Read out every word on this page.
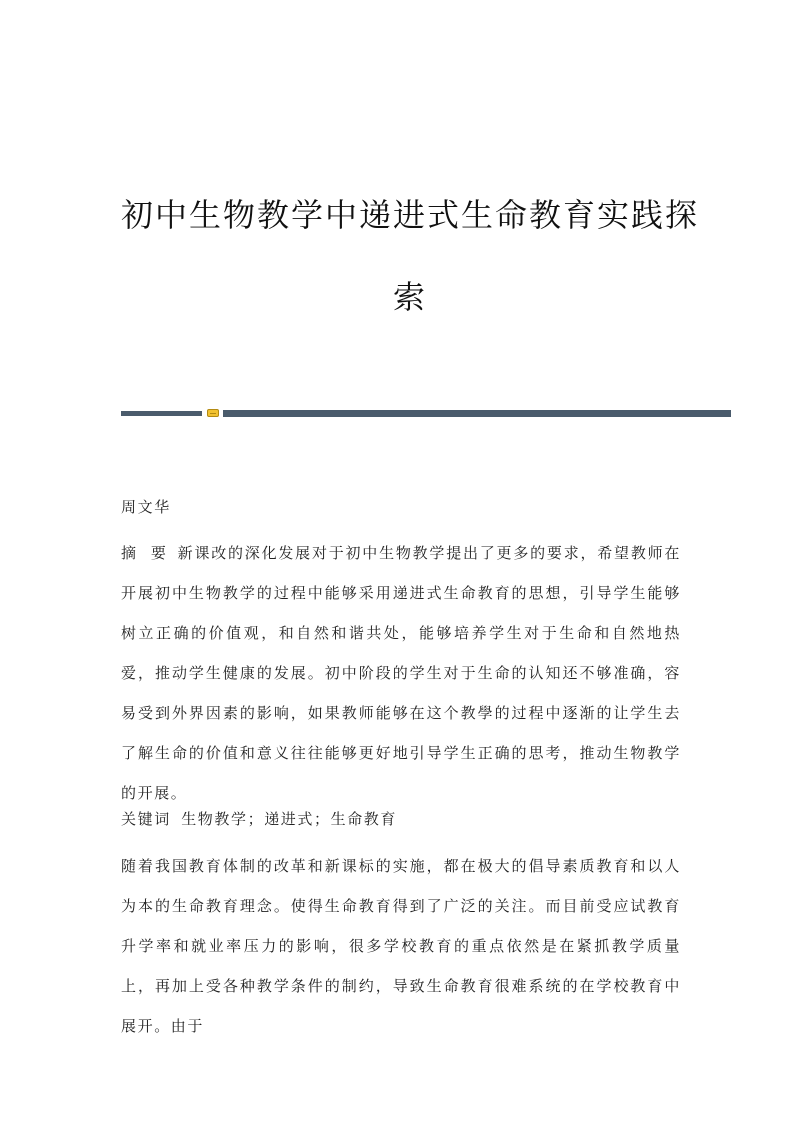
初中生物教学中递进式生命教育实践探
索

周文华

摘  要 新课改的深化发展对于初中生物教学提出了更多的要求，希望教师在开展初中生物教学的过程中能够采用递进式生命教育的思想，引导学生能够树立正确的价值观，和自然和谐共处，能够培养学生对于生命和自然地热爱，推动学生健康的发展。初中阶段的学生对于生命的认知还不够准确，容易受到外界因素的影响，如果教师能够在这个教學的过程中逐渐的让学生去了解生命的价值和意义往往能够更好地引导学生正确的思考，推动生物教学的开展。

关键词 生物教学；递进式；生命教育

随着我国教育体制的改革和新课标的实施，都在极大的倡导素质教育和以人为本的生命教育理念。使得生命教育得到了广泛的关注。而目前受应试教育升学率和就业率压力的影响，很多学校教育的重点依然是在紧抓教学质量上，再加上受各种教学条件的制约，导致生命教育很难系统的在学校教育中展开。由于
